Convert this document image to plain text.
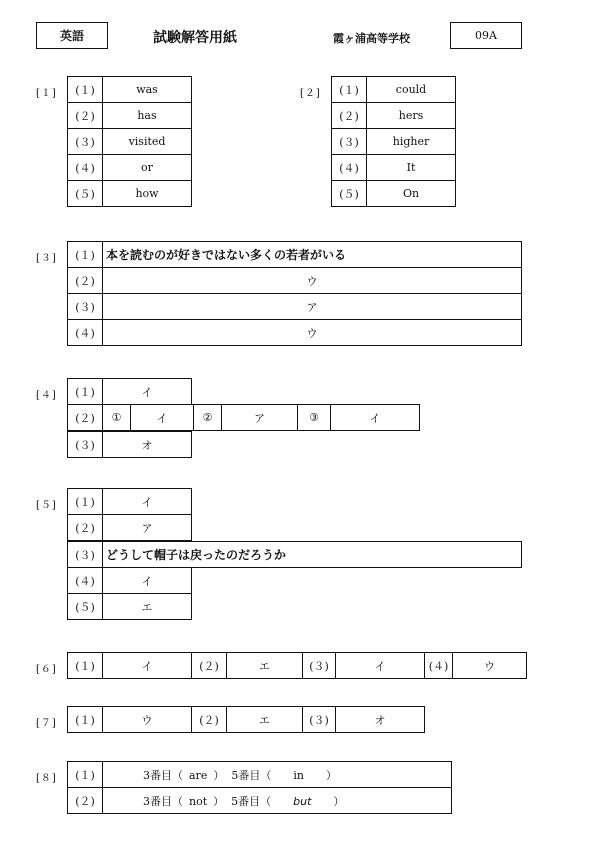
英語	試験解答用紙	霞ヶ浦高等学校	09A
[１] (１)	was
(２)	has
(３)	visited
(４)	or
(５)	how
[２] (１)	could
(２)	hers
(３)	higher
(４)	It
(５)	On
[３] (１)	本を読むのが好きではない多くの若者がいる
(２)	ウ
(３)	ア
(４)	ウ
[４] (１)	イ
(２)	①	イ	②	ア	③	イ
(３)	オ
[５] (１)	イ
(２)	ア
(３)	どうして帽子は戻ったのだろうか
(４)	イ
(５)	エ
[６] (１)	イ	(２)	エ	(３)	イ	(４)	ウ
[７] (１)	ウ	(２)	エ	(３)	オ
[８] (１)	3番目（ are ） 5番目（ in ）
(２)	3番目（ not ） 5番目（ but ）
